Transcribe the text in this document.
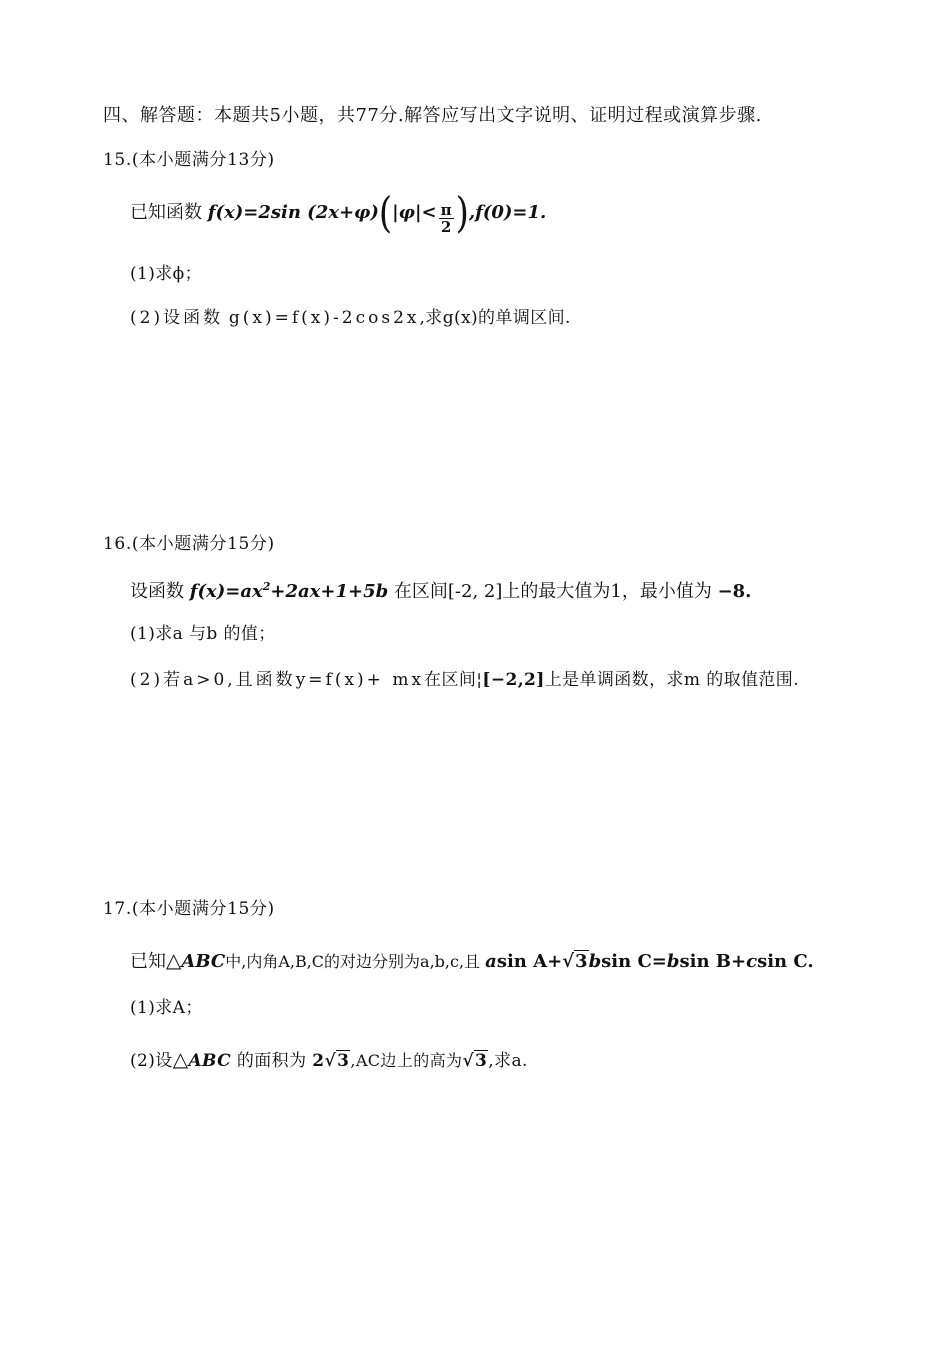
四、解答题：本题共5小题，共77分.解答应写出文字说明、证明过程或演算步骤.
15.(本小题满分13分)
已知函数 f(x)=2sin $(2x+\varphi)(|\varphi|< \frac{\pi}{2} ),f(0)=1$.
(1)求ϕ；
(2)设函数 g(x)=f(x)-2cos2x,求g(x)的单调区间.
16.(本小题满分15分)
设函数 $f(x)=ax^2+2ax+1+5b$ 在区间[-2, 2]上的最大值为1，最小值为 −8.
(1)求a 与b 的值；
(2)若a>0,且函数y=f(x)+ mx在区间¦[−2,2]上是单调函数，求m 的取值范围.
17.(本小题满分15分)
已知△ABC中,内角A,B,C的对边分别为a,b,c,且 asin A+√3bsin C=bsin B+csin C.
(1)求A；
(2)设△ABC 的面积为 2√3,AC边上的高为√3,求a.
